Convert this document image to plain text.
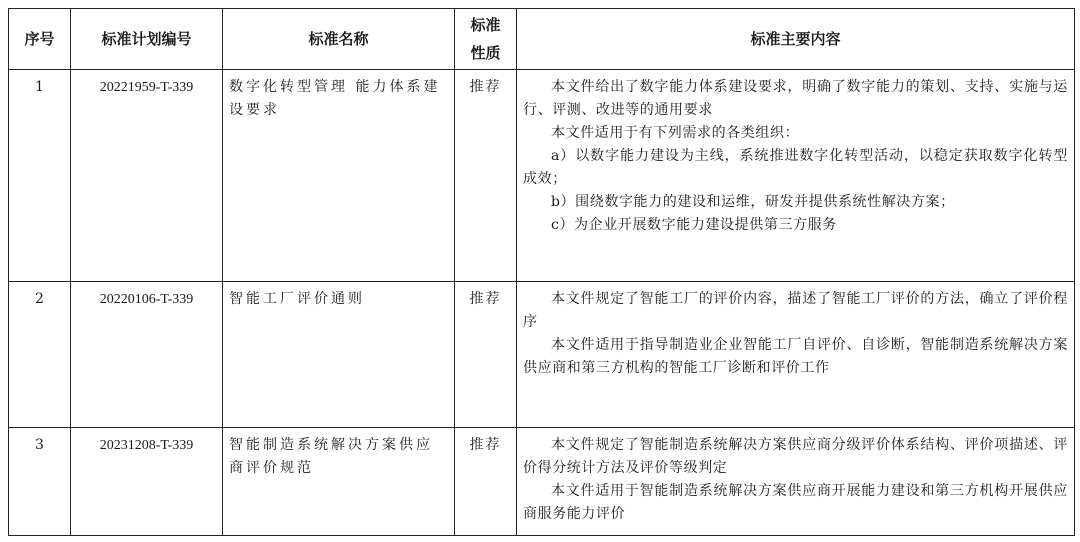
序号	标准计划编号	标准名称	标准性质	标准主要内容
1	20221959-T-339	数字化转型管理 能力体系建设要求	推荐	本文件给出了数字能力体系建设要求，明确了数字能力的策划、支持、实施与运行、评测、改进等的通用要求

本文件适用于有下列需求的各类组织：

a）以数字能力建设为主线，系统推进数字化转型活动，以稳定获取数字化转型成效；

b）围绕数字能力的建设和运维，研发并提供系统性解决方案；

c）为企业开展数字能力建设提供第三方服务

2	20220106-T-339	智能工厂评价通则	推荐	本文件规定了智能工厂的评价内容，描述了智能工厂评价的方法，确立了评价程序

本文件适用于指导制造业企业智能工厂自评价、自诊断，智能制造系统解决方案供应商和第三方机构的智能工厂诊断和评价工作

3	20231208-T-339	智能制造系统解决方案供应商评价规范	推荐	本文件规定了智能制造系统解决方案供应商分级评价体系结构、评价项描述、评价得分统计方法及评价等级判定

本文件适用于智能制造系统解决方案供应商开展能力建设和第三方机构开展供应商服务能力评价
